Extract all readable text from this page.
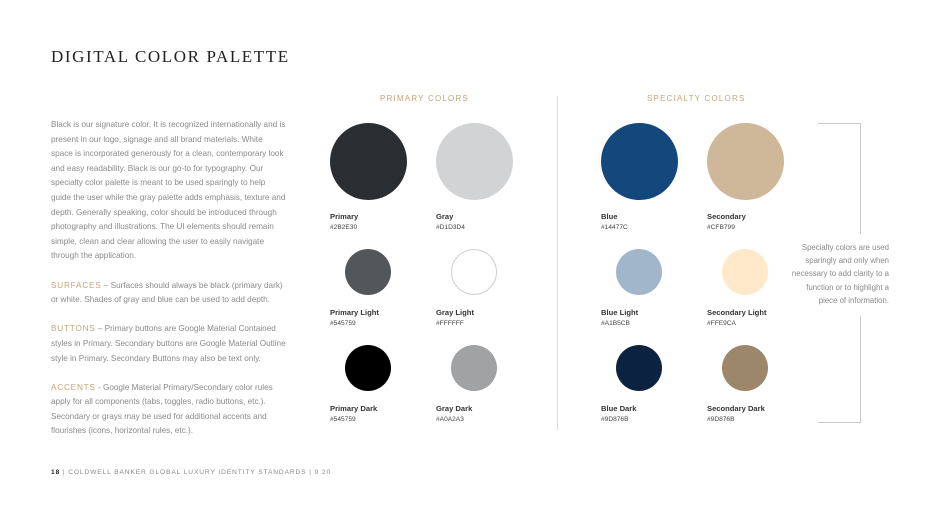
DIGITAL COLOR PALETTE

Black is our signature color. It is recognized internationally and is present in our logo, signage and all brand materials. White space is incorporated generously for a clean, contemporary look and easy readability. Black is our go-to for typography. Our specialty color palette is meant to be used sparingly to help guide the user while the gray palette adds emphasis, texture and depth. Generally speaking, color should be introduced through photography and illustrations. The UI elements should remain simple, clean and clear allowing the user to easily navigate through the application.

SURFACES – Surfaces should always be black (primary dark) or white. Shades of gray and blue can be used to add depth.

BUTTONS – Primary buttons are Google Material Contained styles in Primary. Secondary buttons are Google Material Outline style in Primary. Secondary Buttons may also be text only.

ACCENTS - Google Material Primary/Secondary color rules apply for all components (tabs, toggles, radio buttons, etc.). Secondary or grays may be used for additional accents and flourishes (icons, horizontal rules, etc.).

PRIMARY COLORS	SPECIALTY COLORS
Primary
#2B2E30
Gray
#D1D3D4
Blue
#14477C
Secondary
#CFB799
Primary Light
#545759
Gray Light
#FFFFFF
Blue Light
#A1B5CB
Secondary Light
#FFE9CA
Primary Dark
#545759
Gray Dark
#A0A2A3
Blue Dark
#9D876B
Secondary Dark
#9D876B
Specialty colors are used sparingly and only when necessary to add clarity to a function or to highlight a piece of information.
18 | COLDWELL BANKER GLOBAL LUXURY IDENTITY STANDARDS | 9.20
